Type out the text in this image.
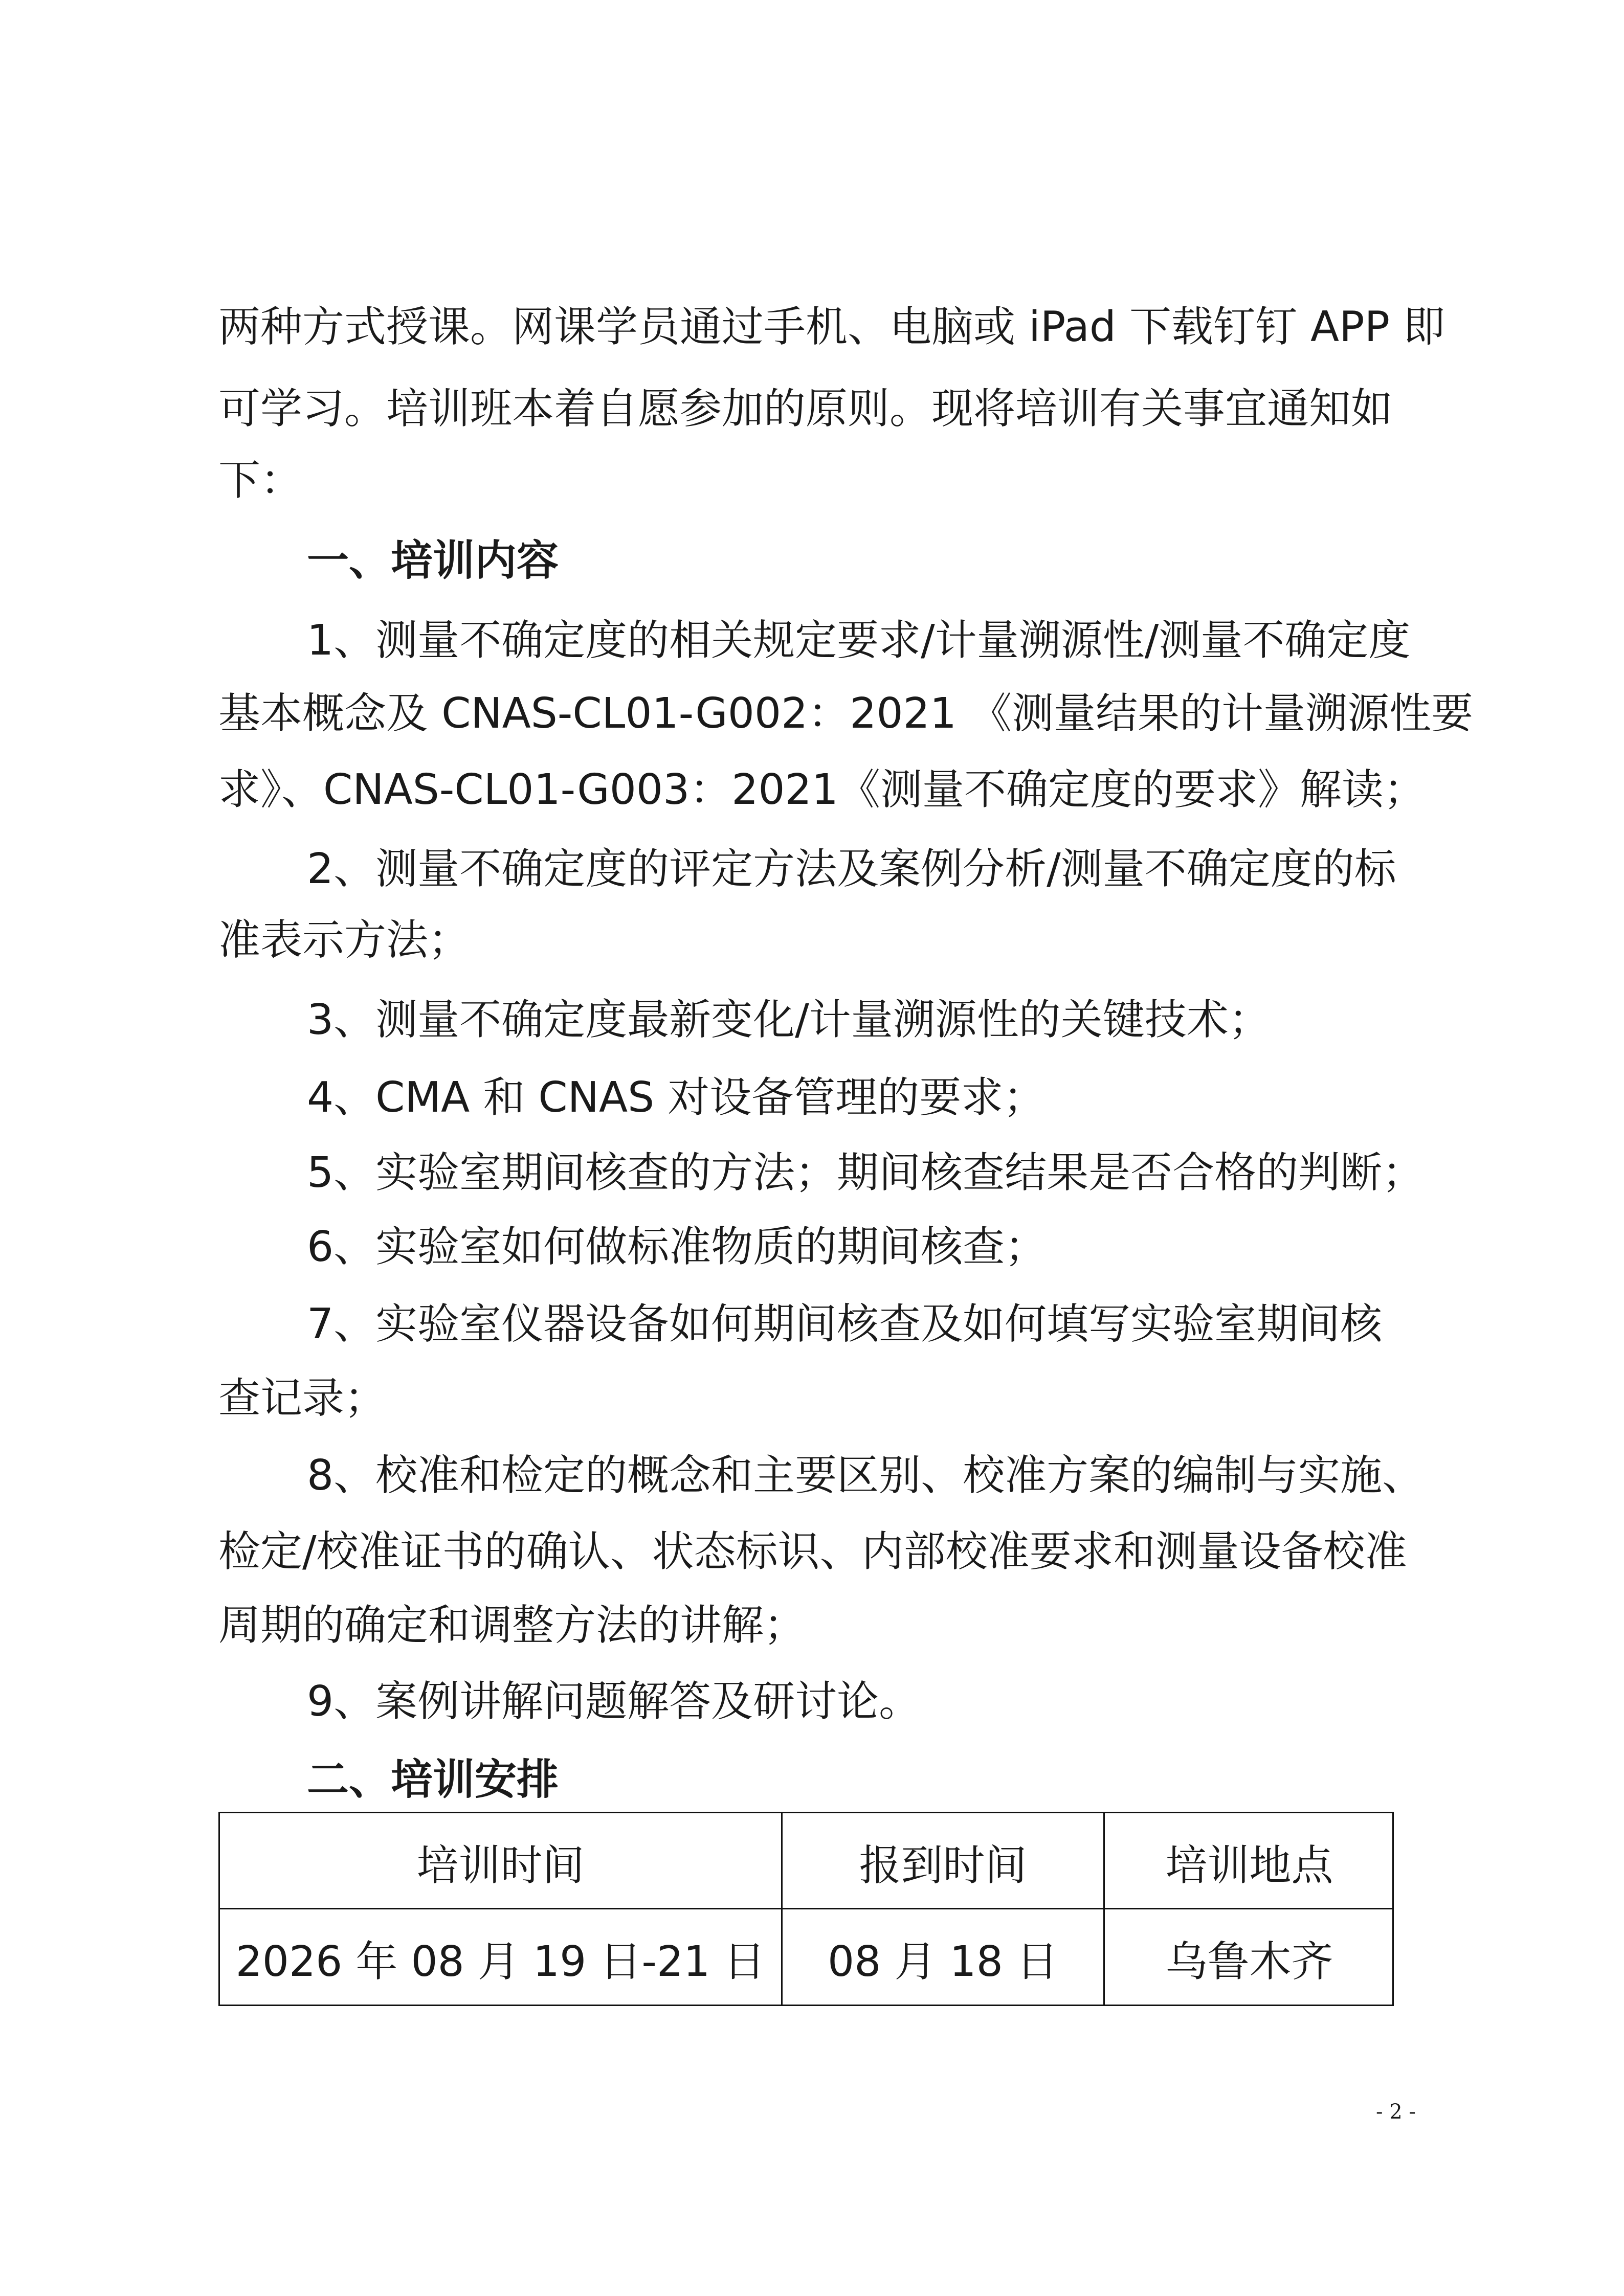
两种方式授课。网课学员通过手机、电脑或 iPad 下载钉钉 APP 即
可学习。培训班本着自愿参加的原则。现将培训有关事宜通知如
下：
一、培训内容
1、测量不确定度的相关规定要求/计量溯源性/测量不确定度
基本概念及 CNAS-CL01-G002：2021 《测量结果的计量溯源性要
求》、CNAS-CL01-G003：2021《测量不确定度的要求》解读；
2、测量不确定度的评定方法及案例分析/测量不确定度的标
准表示方法；
3、测量不确定度最新变化/计量溯源性的关键技术；
4、CMA 和 CNAS 对设备管理的要求；
5、实验室期间核查的方法；期间核查结果是否合格的判断；
6、实验室如何做标准物质的期间核查；
7、实验室仪器设备如何期间核查及如何填写实验室期间核
查记录；
8、校准和检定的概念和主要区别、校准方案的编制与实施、
检定/校准证书的确认、状态标识、内部校准要求和测量设备校准
周期的确定和调整方法的讲解；
9、案例讲解问题解答及研讨论。
二、培训安排
培训时间	报到时间	培训地点
2026 年 08 月 19 日-21 日	08 月 18 日	乌鲁木齐
- 2 -
